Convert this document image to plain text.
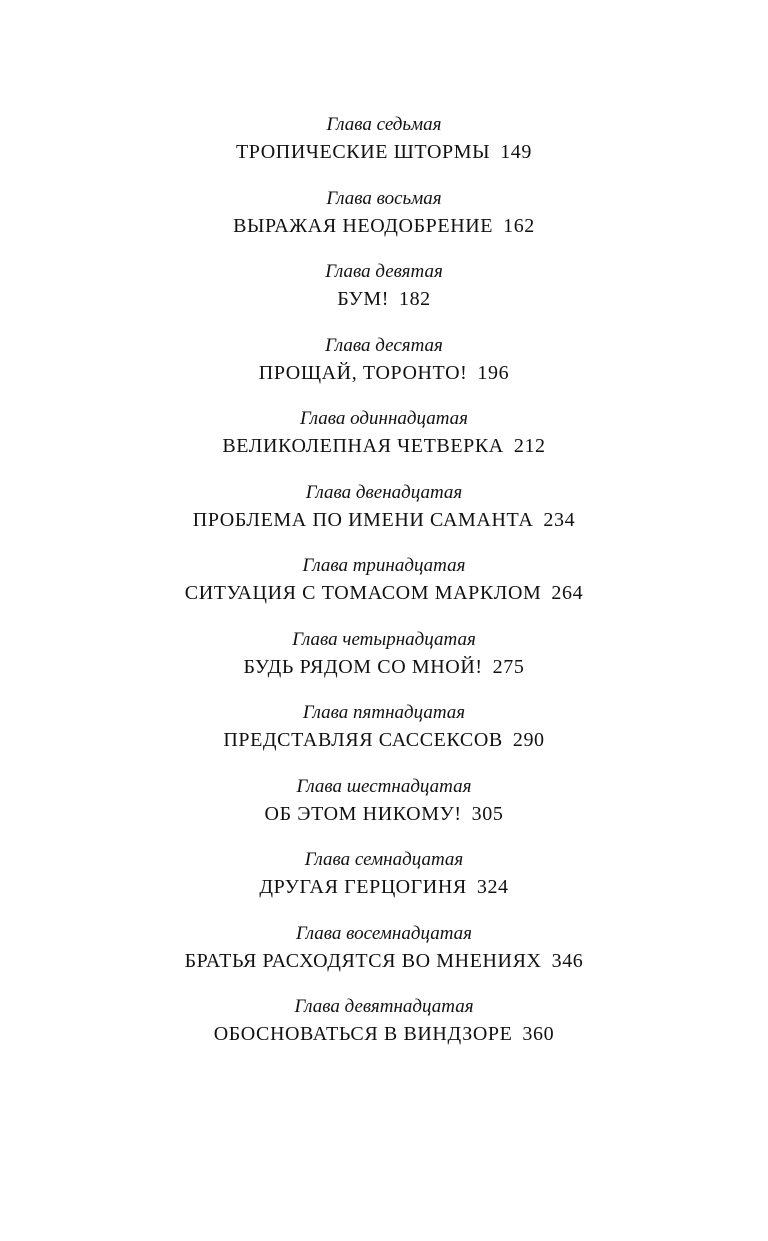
Глава седьмая
ТРОПИЧЕСКИЕ ШТОРМЫ 149
Глава восьмая
ВЫРАЖАЯ НЕОДОБРЕНИЕ 162
Глава девятая
БУМ! 182
Глава десятая
ПРОЩАЙ, ТОРОНТО! 196
Глава одиннадцатая
ВЕЛИКОЛЕПНАЯ ЧЕТВЕРКА 212
Глава двенадцатая
ПРОБЛЕМА ПО ИМЕНИ САМАНТА 234
Глава тринадцатая
СИТУАЦИЯ С ТОМАСОМ МАРКЛОМ 264
Глава четырнадцатая
БУДЬ РЯДОМ СО МНОЙ! 275
Глава пятнадцатая
ПРЕДСТАВЛЯЯ САССЕКСОВ 290
Глава шестнадцатая
ОБ ЭТОМ НИКОМУ! 305
Глава семнадцатая
ДРУГАЯ ГЕРЦОГИНЯ 324
Глава восемнадцатая
БРАТЬЯ РАСХОДЯТСЯ ВО МНЕНИЯХ 346
Глава девятнадцатая
ОБОСНОВАТЬСЯ В ВИНДЗОРЕ 360
